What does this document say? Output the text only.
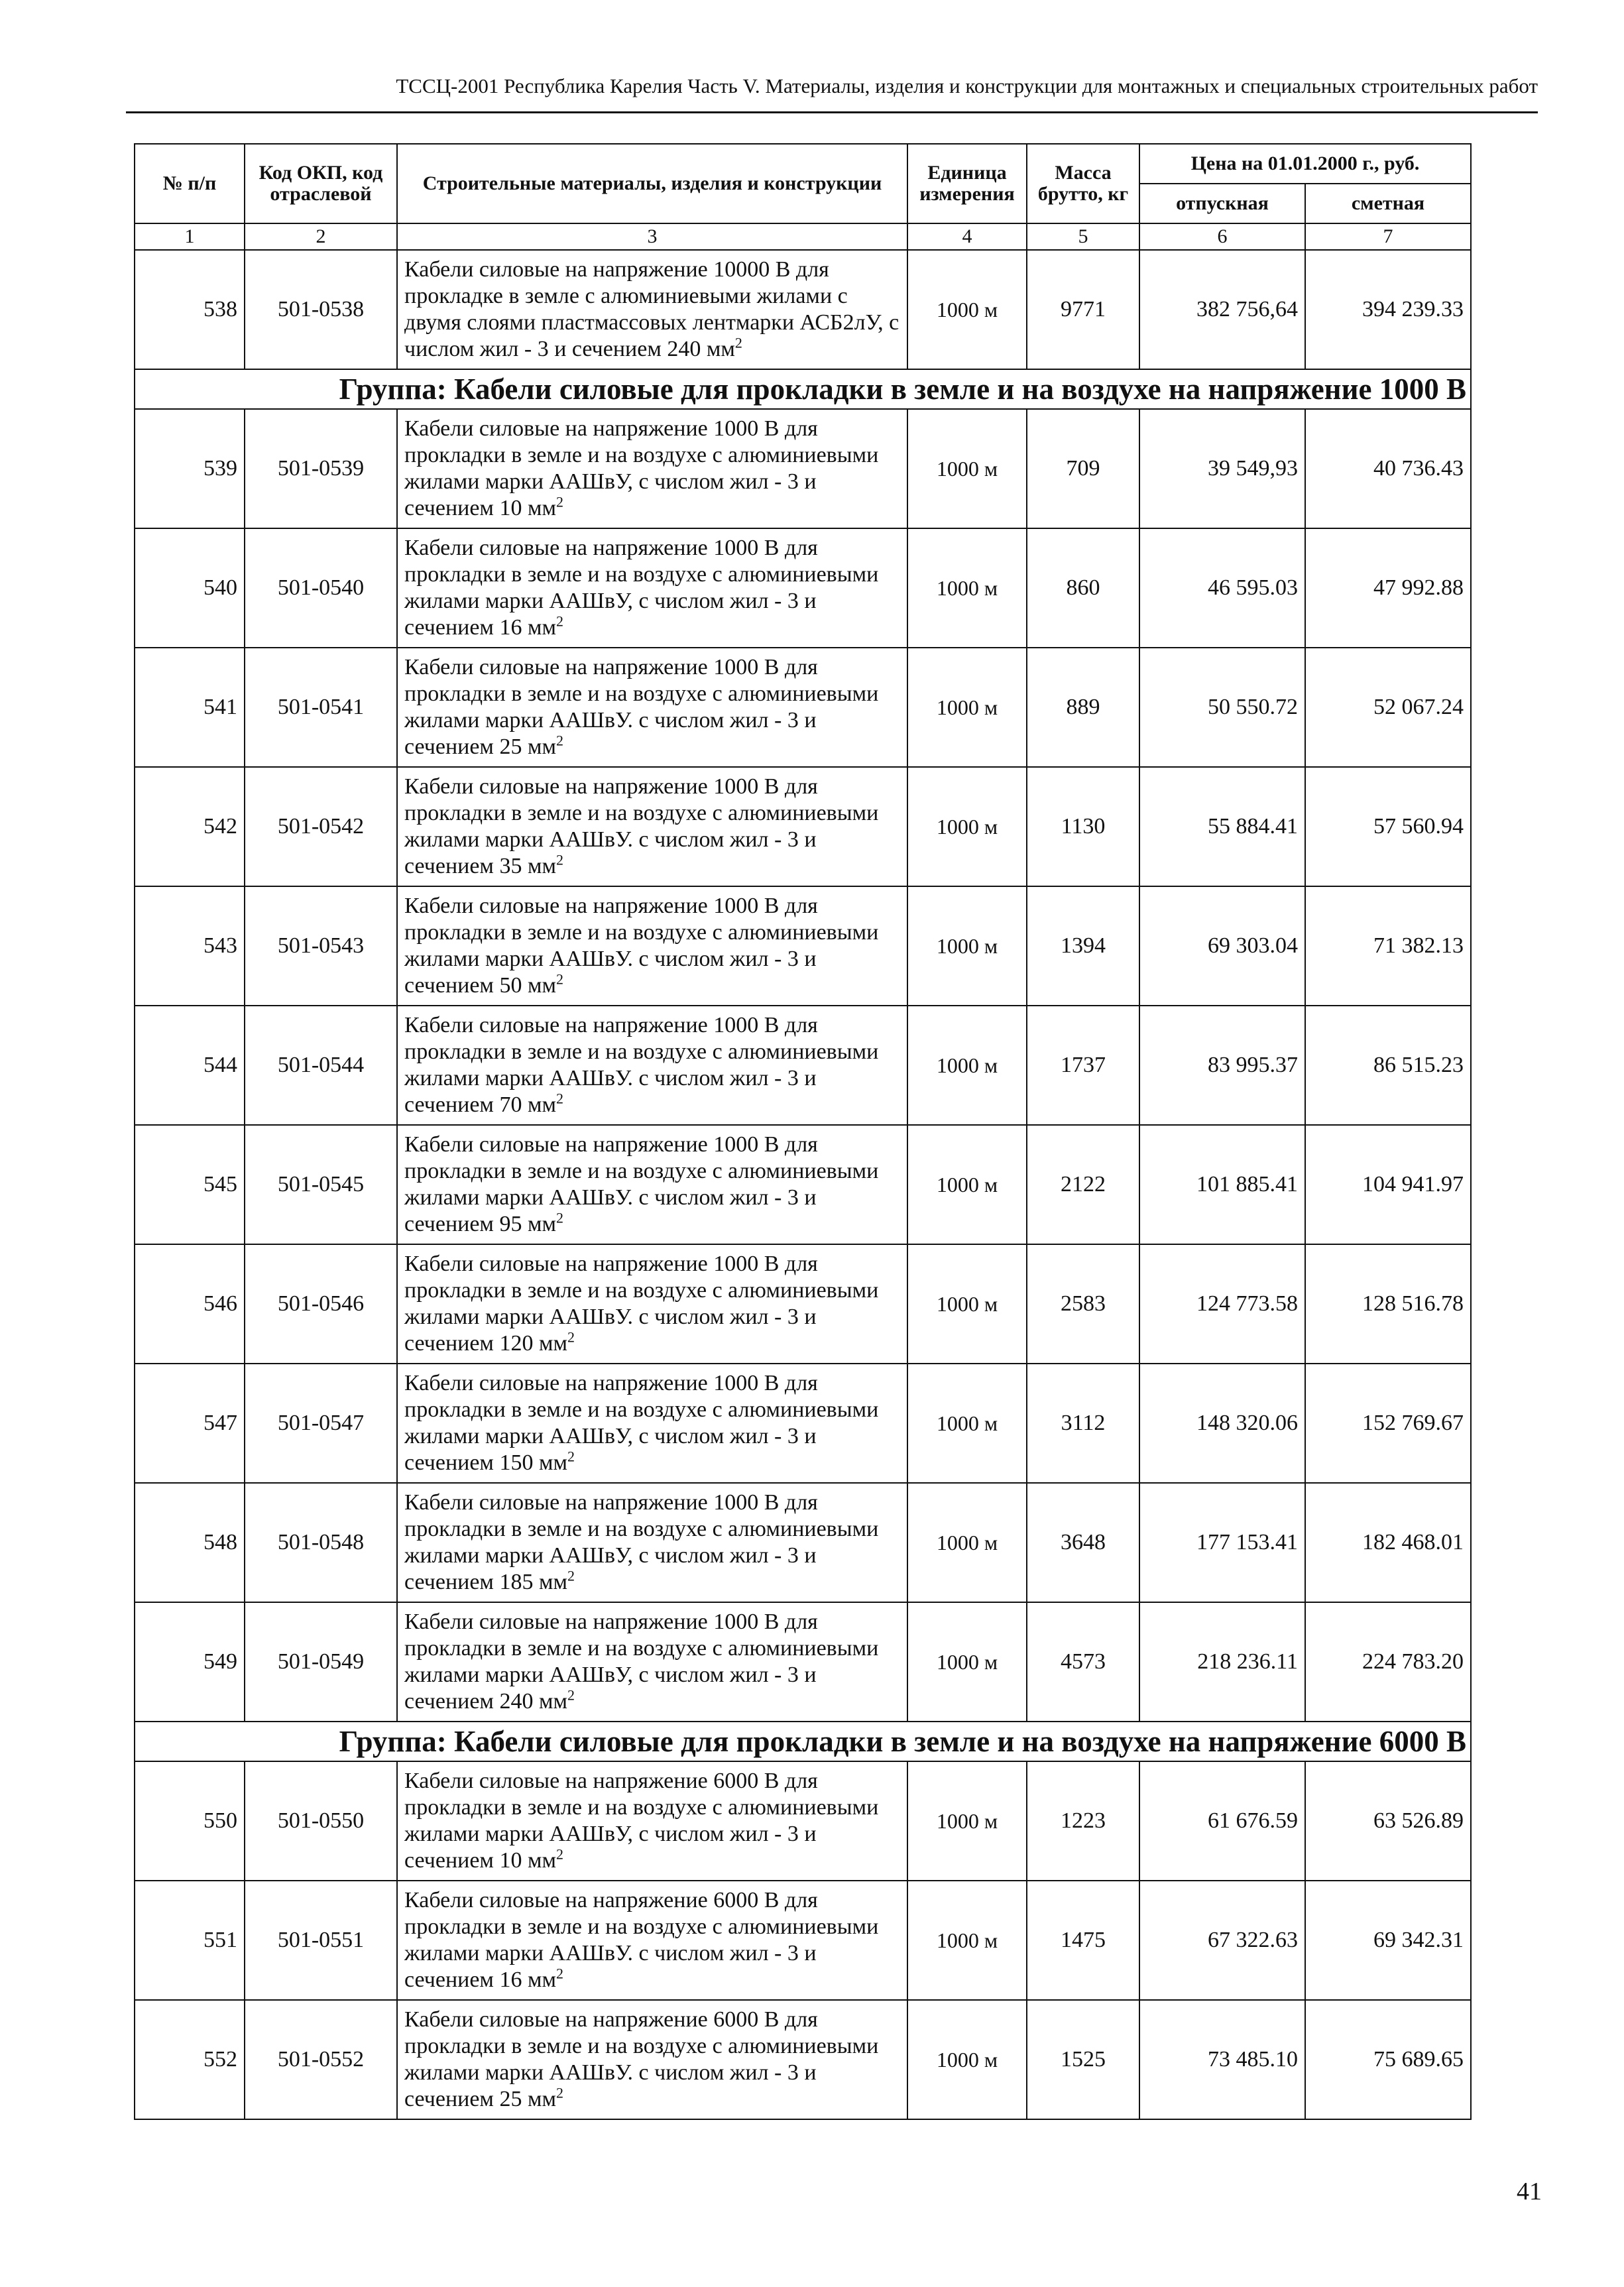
ТССЦ-2001 Республика Карелия Часть V. Материалы, изделия и конструкции для монтажных и специальных строительных работ
№ п/п	Код ОКП, код отраслевой	Строительные материалы, изделия и конструкции	Единица измерения	Масса брутто, кг	Цена на 01.01.2000 г., руб.	
					отпускная	сметная
1	2	3	4	5	6	7
538	501-0538	Кабели силовые на напряжение 10000 В для прокладке в земле с алюминиевыми жилами с двумя слоями пластмассовых лентмарки АСБ2лУ, с числом жил - 3 и сечением 240 $мм^2$	1000 м	9771	382 756,64	394 239.33
Группа: Кабели силовые для прокладки в земле и на воздухе на напряжение 1000 В						
539	501-0539	Кабели силовые на напряжение 1000 В для прокладки в земле и на воздухе с алюминиевыми жилами марки ААШвУ, с числом жил - 3 и сечением 10 $мм^2$	1000 м	709	39 549,93	40 736.43
540	501-0540	Кабели силовые на напряжение 1000 В для прокладки в земле и на воздухе с алюминиевыми жилами марки ААШвУ, с числом жил - 3 и сечением 16 $мм^2$	1000 м	860	46 595.03	47 992.88
541	501-0541	Кабели силовые на напряжение 1000 В для прокладки в земле и на воздухе с алюминиевыми жилами марки ААШвУ. с числом жил - 3 и сечением 25 $мм^2$	1000 м	889	50 550.72	52 067.24
542	501-0542	Кабели силовые на напряжение 1000 В для прокладки в земле и на воздухе с алюминиевыми жилами марки ААШвУ. с числом жил - 3 и сечением 35 $мм^2$	1000 м	1130	55 884.41	57 560.94
543	501-0543	Кабели силовые на напряжение 1000 В для прокладки в земле и на воздухе с алюминиевыми жилами марки ААШвУ. с числом жил - 3 и сечением 50 $мм^2$	1000 м	1394	69 303.04	71 382.13
544	501-0544	Кабели силовые на напряжение 1000 В для прокладки в земле и на воздухе с алюминиевыми жилами марки ААШвУ. с числом жил - 3 и сечением 70 $мм^2$	1000 м	1737	83 995.37	86 515.23
545	501-0545	Кабели силовые на напряжение 1000 В для прокладки в земле и на воздухе с алюминиевыми жилами марки ААШвУ. с числом жил - 3 и сечением 95 $мм^2$	1000 м	2122	101 885.41	104 941.97
546	501-0546	Кабели силовые на напряжение 1000 В для прокладки в земле и на воздухе с алюминиевыми жилами марки ААШвУ. с числом жил - 3 и сечением 120 $мм^2$	1000 м	2583	124 773.58	128 516.78
547	501-0547	Кабели силовые на напряжение 1000 В для прокладки в земле и на воздухе с алюминиевыми жилами марки ААШвУ, с числом жил - 3 и сечением 150 $мм^2$	1000 м	3112	148 320.06	152 769.67
548	501-0548	Кабели силовые на напряжение 1000 В для прокладки в земле и на воздухе с алюминиевыми жилами марки ААШвУ, с числом жил - 3 и сечением 185 $мм^2$	1000 м	3648	177 153.41	182 468.01
549	501-0549	Кабели силовые на напряжение 1000 В для прокладки в земле и на воздухе с алюминиевыми жилами марки ААШвУ, с числом жил - 3 и сечением 240 $мм^2$	1000 м	4573	218 236.11	224 783.20
Группа: Кабели силовые для прокладки в земле и на воздухе на напряжение 6000 В						
550	501-0550	Кабели силовые на напряжение 6000 В для прокладки в земле и на воздухе с алюминиевыми жилами марки ААШвУ, с числом жил - 3 и сечением 10 $мм^2$	1000 м	1223	61 676.59	63 526.89
551	501-0551	Кабели силовые на напряжение 6000 В для прокладки в земле и на воздухе с алюминиевыми жилами марки ААШвУ. с числом жил - 3 и сечением 16 $мм^2$	1000 м	1475	67 322.63	69 342.31
552	501-0552	Кабели силовые на напряжение 6000 В для прокладки в земле и на воздухе с алюминиевыми жилами марки ААШвУ. с числом жил - 3 и сечением 25 $мм^2$	1000 м	1525	73 485.10	75 689.65
41
